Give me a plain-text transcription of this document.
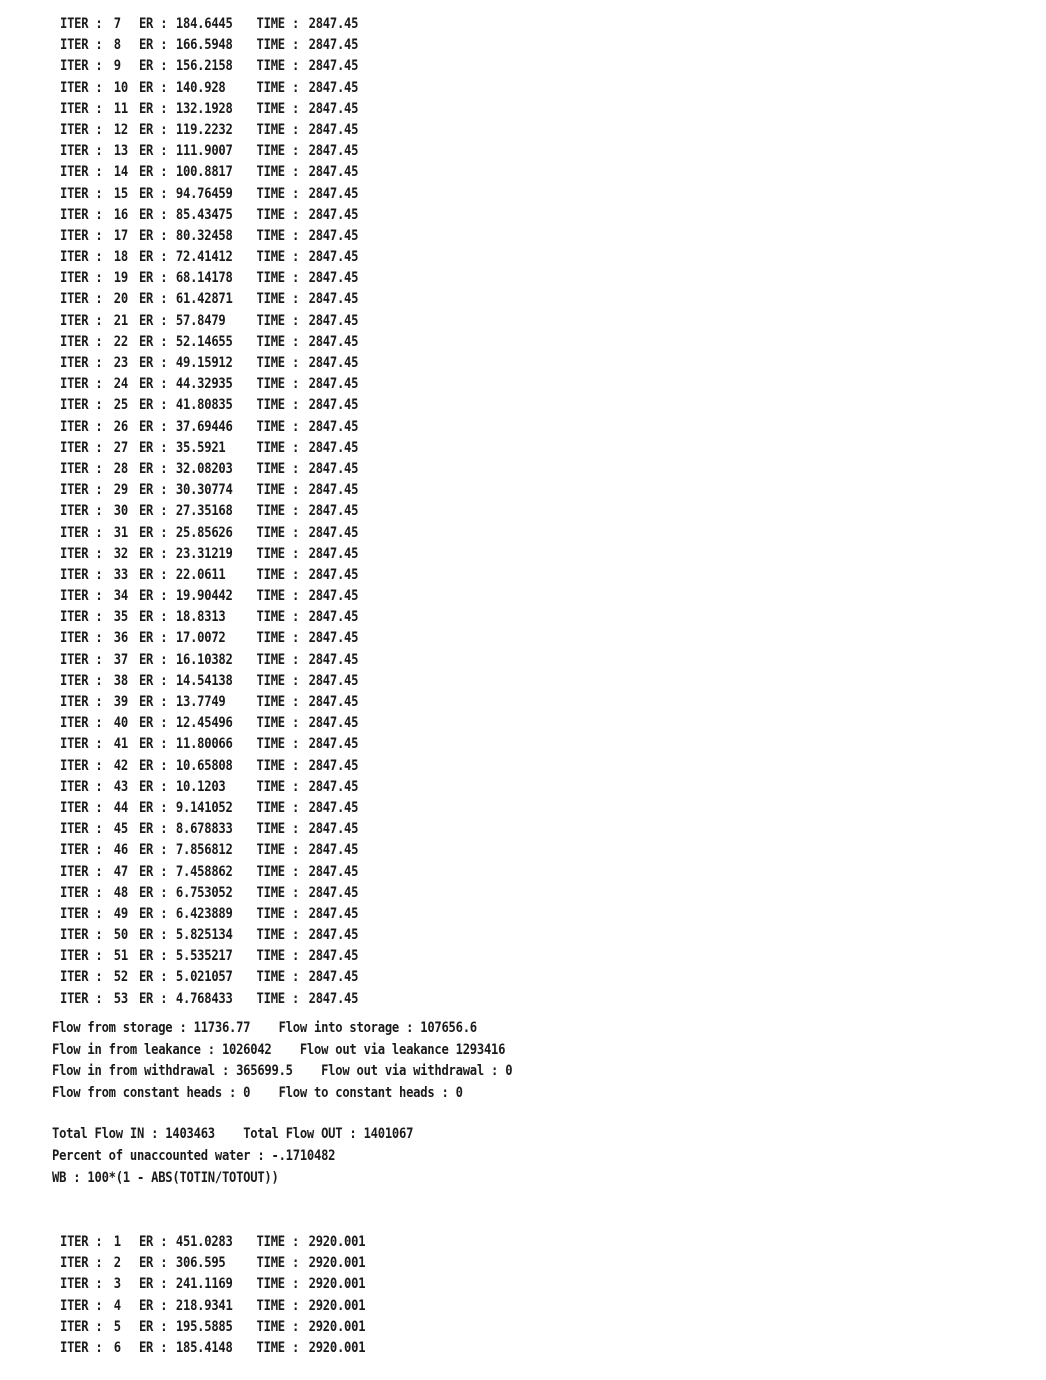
ITER : 7 ER : 184.6445 TIME : 2847.45
ITER : 8 ER : 166.5948 TIME : 2847.45
ITER : 9 ER : 156.2158 TIME : 2847.45
ITER : 10 ER : 140.928 TIME : 2847.45
ITER : 11 ER : 132.1928 TIME : 2847.45
ITER : 12 ER : 119.2232 TIME : 2847.45
ITER : 13 ER : 111.9007 TIME : 2847.45
ITER : 14 ER : 100.8817 TIME : 2847.45
ITER : 15 ER : 94.76459 TIME : 2847.45
ITER : 16 ER : 85.43475 TIME : 2847.45
ITER : 17 ER : 80.32458 TIME : 2847.45
ITER : 18 ER : 72.41412 TIME : 2847.45
ITER : 19 ER : 68.14178 TIME : 2847.45
ITER : 20 ER : 61.42871 TIME : 2847.45
ITER : 21 ER : 57.8479 TIME : 2847.45
ITER : 22 ER : 52.14655 TIME : 2847.45
ITER : 23 ER : 49.15912 TIME : 2847.45
ITER : 24 ER : 44.32935 TIME : 2847.45
ITER : 25 ER : 41.80835 TIME : 2847.45
ITER : 26 ER : 37.69446 TIME : 2847.45
ITER : 27 ER : 35.5921 TIME : 2847.45
ITER : 28 ER : 32.08203 TIME : 2847.45
ITER : 29 ER : 30.30774 TIME : 2847.45
ITER : 30 ER : 27.35168 TIME : 2847.45
ITER : 31 ER : 25.85626 TIME : 2847.45
ITER : 32 ER : 23.31219 TIME : 2847.45
ITER : 33 ER : 22.0611 TIME : 2847.45
ITER : 34 ER : 19.90442 TIME : 2847.45
ITER : 35 ER : 18.8313 TIME : 2847.45
ITER : 36 ER : 17.0072 TIME : 2847.45
ITER : 37 ER : 16.10382 TIME : 2847.45
ITER : 38 ER : 14.54138 TIME : 2847.45
ITER : 39 ER : 13.7749 TIME : 2847.45
ITER : 40 ER : 12.45496 TIME : 2847.45
ITER : 41 ER : 11.80066 TIME : 2847.45
ITER : 42 ER : 10.65808 TIME : 2847.45
ITER : 43 ER : 10.1203 TIME : 2847.45
ITER : 44 ER : 9.141052 TIME : 2847.45
ITER : 45 ER : 8.678833 TIME : 2847.45
ITER : 46 ER : 7.856812 TIME : 2847.45
ITER : 47 ER : 7.458862 TIME : 2847.45
ITER : 48 ER : 6.753052 TIME : 2847.45
ITER : 49 ER : 6.423889 TIME : 2847.45
ITER : 50 ER : 5.825134 TIME : 2847.45
ITER : 51 ER : 5.535217 TIME : 2847.45
ITER : 52 ER : 5.021057 TIME : 2847.45
ITER : 53 ER : 4.768433 TIME : 2847.45
Flow from storage : 11736.77 Flow into storage : 107656.6
Flow in from leakance : 1026042 Flow out via leakance 1293416
Flow in from withdrawal : 365699.5 Flow out via withdrawal : 0
Flow from constant heads : 0 Flow to constant heads : 0
Total Flow IN : 1403463 Total Flow OUT : 1401067
Percent of unaccounted water : -.1710482
WB : 100*(1 - ABS(TOTIN/TOTOUT))
ITER : 1 ER : 451.0283 TIME : 2920.001
ITER : 2 ER : 306.595 TIME : 2920.001
ITER : 3 ER : 241.1169 TIME : 2920.001
ITER : 4 ER : 218.9341 TIME : 2920.001
ITER : 5 ER : 195.5885 TIME : 2920.001
ITER : 6 ER : 185.4148 TIME : 2920.001
